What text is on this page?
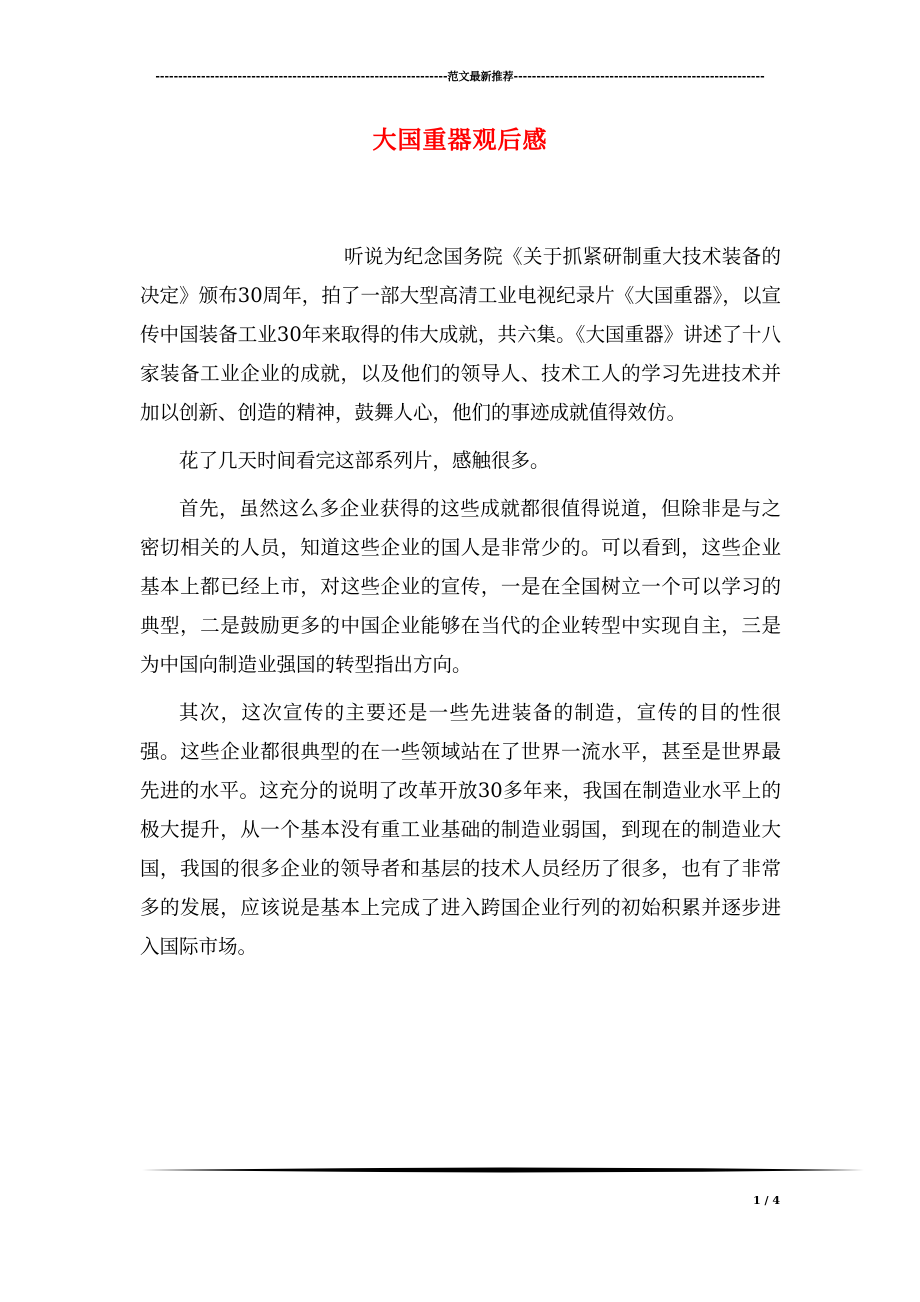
----------------------------------------------------------------范文最新推荐-------------------------------------------------------
大国重器观后感

听说为纪念国务院《关于抓紧研制重大技术装备的决定》颁布30周年，拍了一部大型高清工业电视纪录片《大国重器》，以宣传中国装备工业30年来取得的伟大成就，共六集。《大国重器》讲述了十八家装备工业企业的成就，以及他们的领导人、技术工人的学习先进技术并加以创新、创造的精神，鼓舞人心，他们的事迹成就值得效仿。

花了几天时间看完这部系列片，感触很多。

首先，虽然这么多企业获得的这些成就都很值得说道，但除非是与之密切相关的人员，知道这些企业的国人是非常少的。可以看到，这些企业基本上都已经上市，对这些企业的宣传，一是在全国树立一个可以学习的典型，二是鼓励更多的中国企业能够在当代的企业转型中实现自主，三是为中国向制造业强国的转型指出方向。

其次，这次宣传的主要还是一些先进装备的制造，宣传的目的性很强。这些企业都很典型的在一些领域站在了世界一流水平，甚至是世界最先进的水平。这充分的说明了改革开放30多年来，我国在制造业水平上的极大提升，从一个基本没有重工业基础的制造业弱国，到现在的制造业大国，我国的很多企业的领导者和基层的技术人员经历了很多，也有了非常多的发展，应该说是基本上完成了进入跨国企业行列的初始积累并逐步进入国际市场。

1 / 4
